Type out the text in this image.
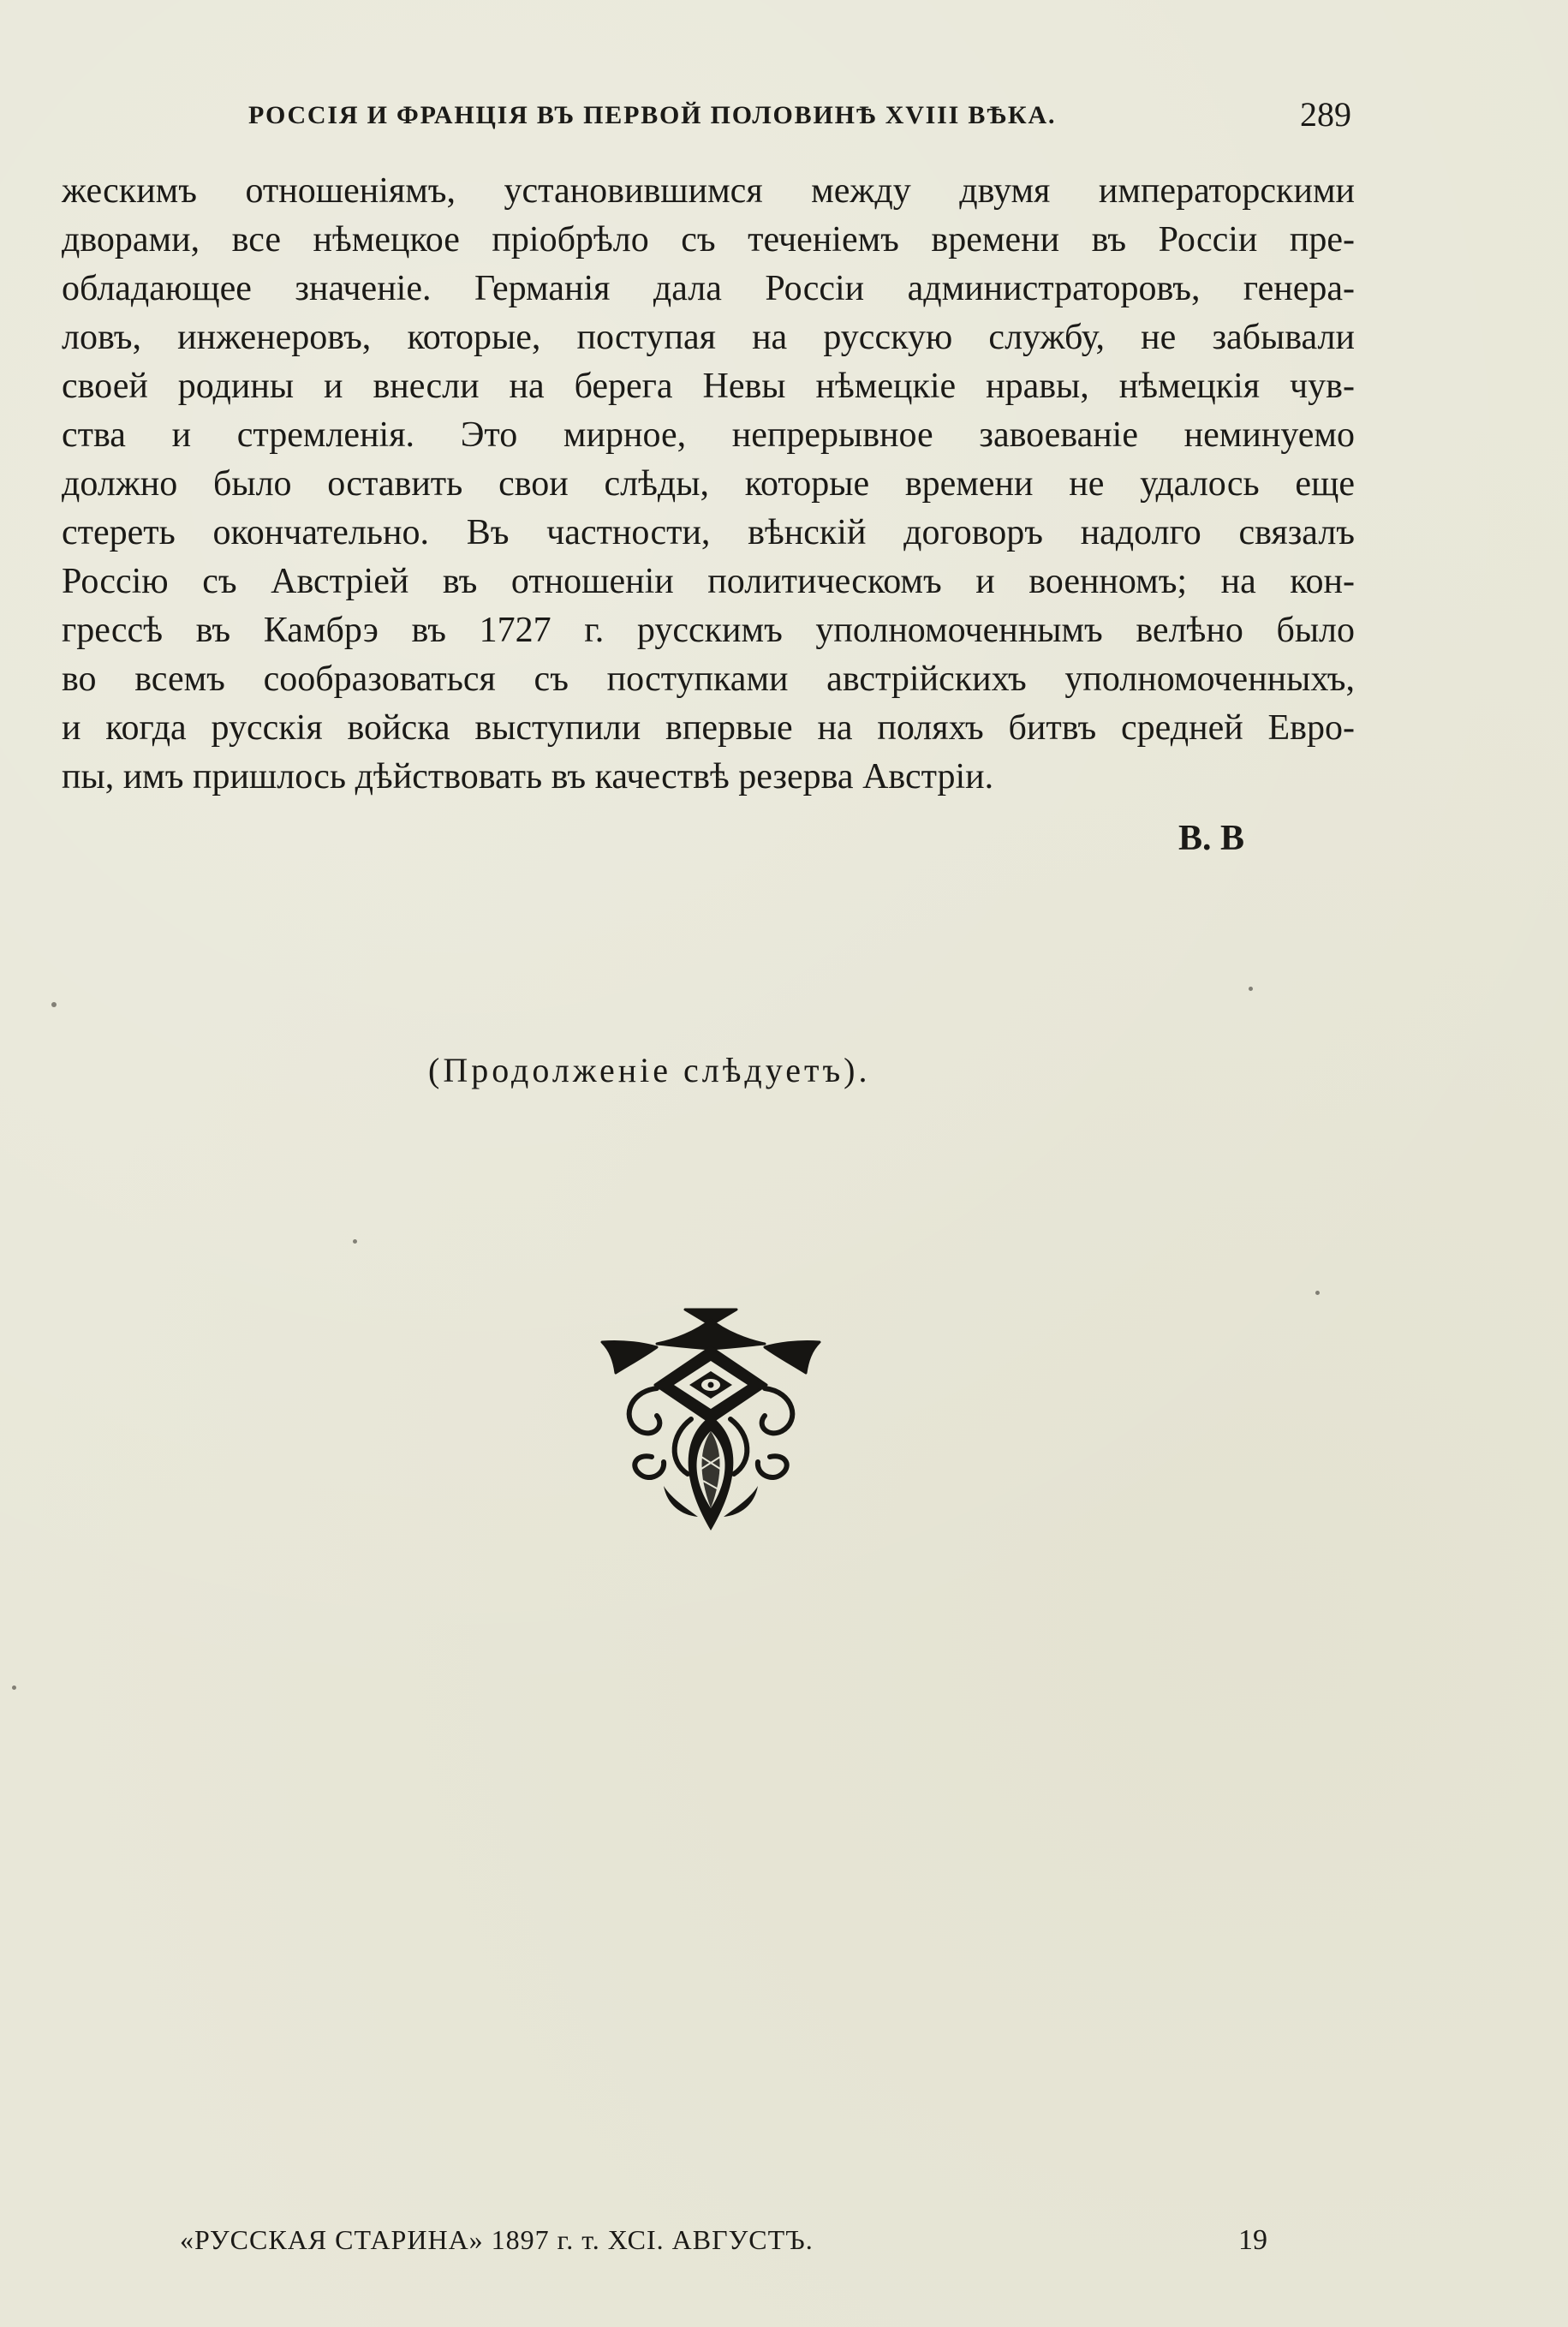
РОССІЯ И ФРАНЦІЯ ВЪ ПЕРВОЙ ПОЛОВИНѢ XVIII ВѢКА.	289
жескимъ отношеніямъ, установившимся между двумя императорскими
дворами, все нѣмецкое пріобрѣло съ теченіемъ времени въ Россіи пре-
обладающее значеніе. Германія дала Россіи администраторовъ, генера-
ловъ, инженеровъ, которые, поступая на русскую службу, не забывали
своей родины и внесли на берега Невы нѣмецкіе нравы, нѣмецкія чув-
ства и стремленія. Это мирное, непрерывное завоеваніе неминуемо
должно было оставить свои слѣды, которые времени не удалось еще
стереть окончательно. Въ частности, вѣнскій договоръ надолго связалъ
Россію съ Австріей въ отношеніи политическомъ и военномъ; на кон-
грессѣ въ Камбрэ въ 1727 г. русскимъ уполномоченнымъ велѣно было
во всемъ сообразоваться съ поступками австрійскихъ уполномоченныхъ,
и когда русскія войска выступили впервые на поляхъ битвъ средней Евро-
пы, имъ пришлось дѣйствовать въ качествѣ резерва Австріи.
В. В
(Продолженіе слѣдуетъ).
«РУССКАЯ СТАРИНА» 1897 г. т. ХСІ. АВГУСТЪ.	19
